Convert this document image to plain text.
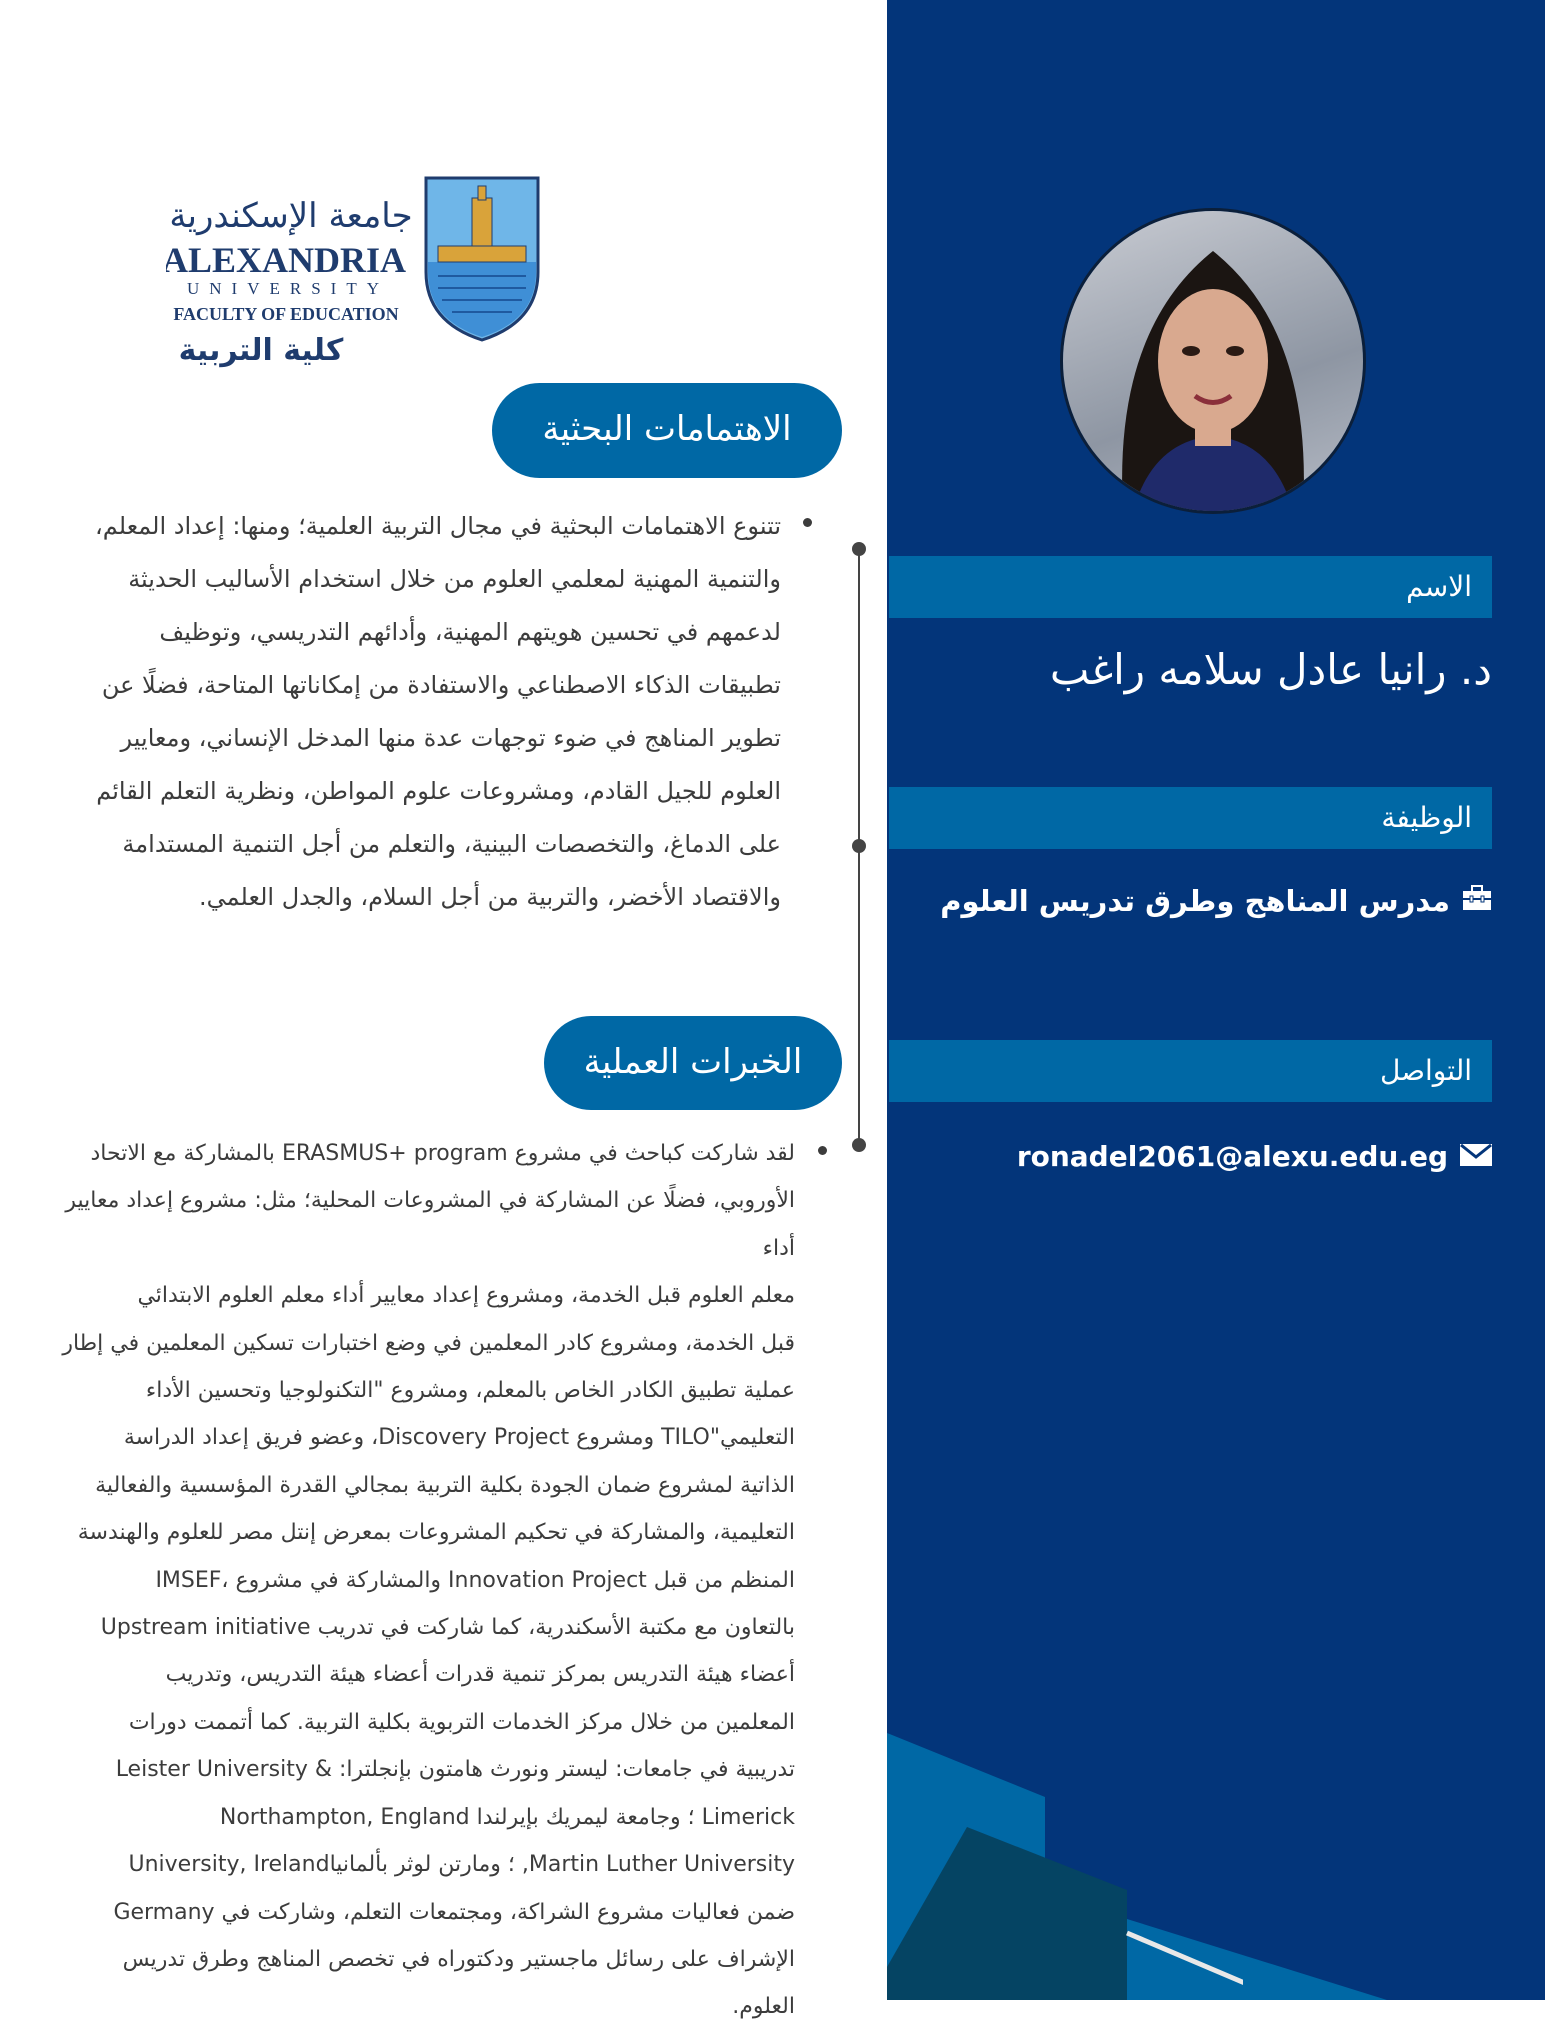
جامعة الإسكندرية
ALEXANDRIA
UNIVERSITY
FACULTY OF EDUCATION
كلية التربية
الاهتمامات البحثية
تتنوع الاهتمامات البحثية في مجال التربية العلمية؛ ومنها: إعداد المعلم،
والتنمية المهنية لمعلمي العلوم من خلال استخدام الأساليب الحديثة
لدعمهم في تحسين هويتهم المهنية، وأدائهم التدريسي، وتوظيف
تطبيقات الذكاء الاصطناعي والاستفادة من إمكاناتها المتاحة، فضلًا عن
تطوير المناهج في ضوء توجهات عدة منها المدخل الإنساني، ومعايير
العلوم للجيل القادم، ومشروعات علوم المواطن، ونظرية التعلم القائم
على الدماغ، والتخصصات البينية، والتعلم من أجل التنمية المستدامة
والاقتصاد الأخضر، والتربية من أجل السلام، والجدل العلمي.
الخبرات العملية
لقد شاركت كباحث في مشروع ERASMUS+ program بالمشاركة مع الاتحاد
الأوروبي، فضلًا عن المشاركة في المشروعات المحلية؛ مثل: مشروع إعداد معايير أداء
معلم العلوم قبل الخدمة، ومشروع إعداد معايير أداء معلم العلوم الابتدائي
قبل الخدمة، ومشروع كادر المعلمين في وضع اختبارات تسكين المعلمين في إطار
عملية تطبيق الكادر الخاص بالمعلم، ومشروع "التكنولوجيا وتحسين الأداء
التعليمي"TILO ومشروع Discovery Project، وعضو فريق إعداد الدراسة
الذاتية لمشروع ضمان الجودة بكلية التربية بمجالي القدرة المؤسسية والفعالية
التعليمية، والمشاركة في تحكيم المشروعات بمعرض إنتل مصر للعلوم والهندسة
IMSEF، والمشاركة في مشروع Innovation Project المنظم من قبل
Upstream initiative بالتعاون مع مكتبة الأسكندرية، كما شاركت في تدريب
أعضاء هيئة التدريس بمركز تنمية قدرات أعضاء هيئة التدريس، وتدريب
المعلمين من خلال مركز الخدمات التربوية بكلية التربية. كما أتممت دورات
تدريبية في جامعات: ليستر ونورث هامتون بإنجلترا: & Leister University
Northampton, England ؛ وجامعة ليمريك بإيرلندا Limerick
University, Ireland؛ ومارتن لوثر بألمانيا ,Martin Luther University
Germany ضمن فعاليات مشروع الشراكة، ومجتمعات التعلم، وشاركت في
الإشراف على رسائل ماجستير ودكتوراه في تخصص المناهج وطرق تدريس
العلوم.
الاسم
د. رانيا عادل سلامه راغب
الوظيفة
مدرس المناهج وطرق تدريس العلوم
التواصل
ronadel2061@alexu.edu.eg
